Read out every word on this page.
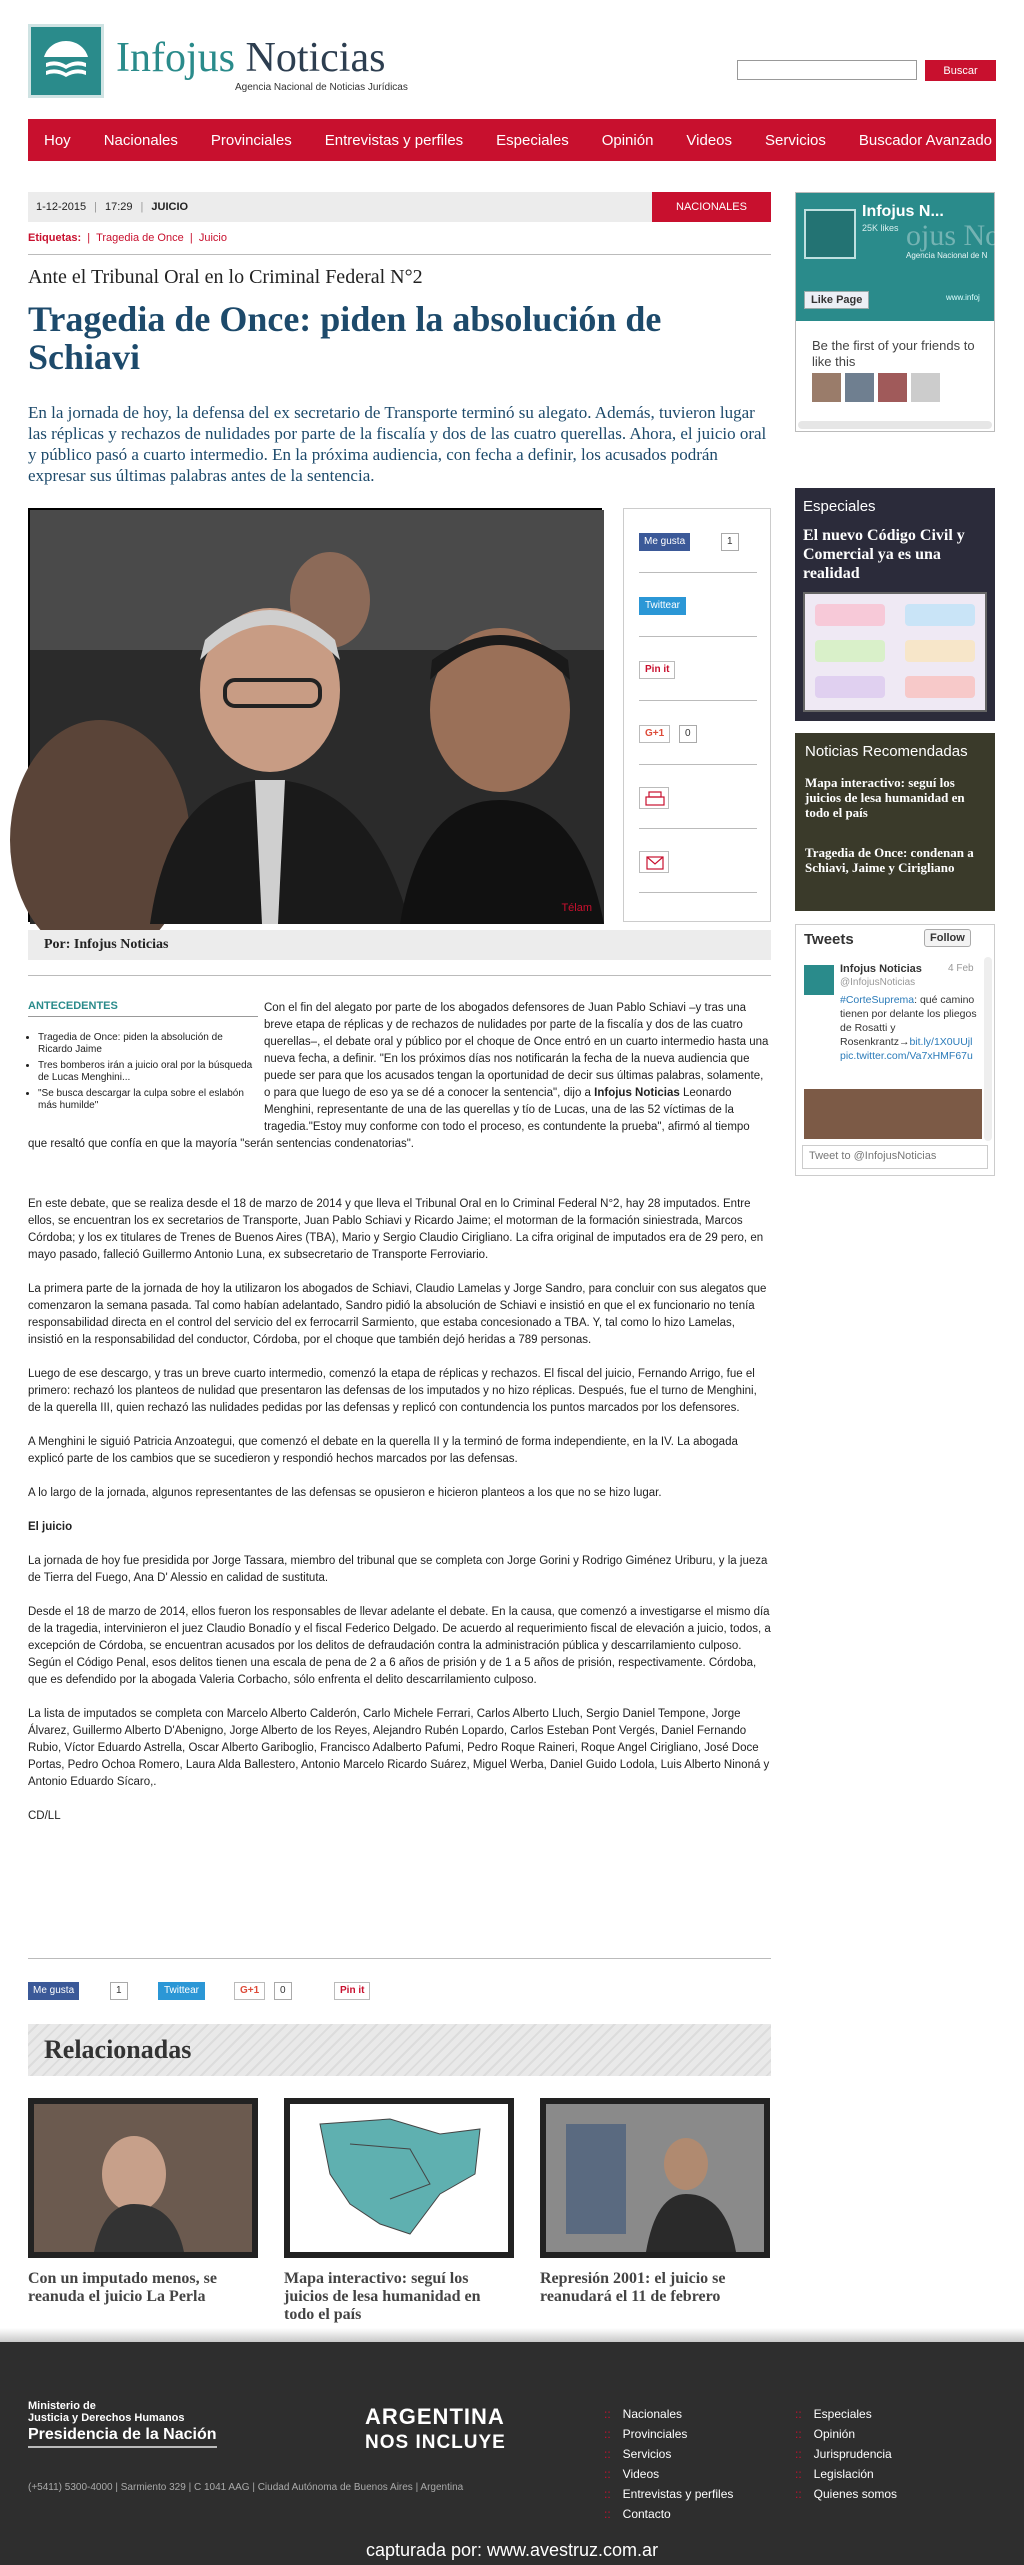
Infojus Noticias
Agencia Nacional de Noticias Jurídicas
Buscar
Hoy Nacionales Provinciales Entrevistas y perfiles Especiales Opinión Videos Servicios Buscador Avanzado
1-12-2015 | 17:29 | JUICIO	NACIONALES
Etiquetas:  |  Tragedia de Once  |  Juicio
Ante el Tribunal Oral en lo Criminal Federal N°2
Tragedia de Once: piden la absolución de Schiavi
En la jornada de hoy, la defensa del ex secretario de Transporte terminó su alegato. Además, tuvieron lugar las réplicas y rechazos de nulidades por parte de la fiscalía y dos de las cuatro querellas. Ahora, el juicio oral y público pasó a cuarto intermedio. En la próxima audiencia, con fecha a definir, los acusados podrán expresar sus últimas palabras antes de la sentencia.
Télam
Me gusta	1
Twittear
Pin it
G+1	0
Por: Infojus Noticias
Con el fin del alegato por parte de los abogados defensores de Juan Pablo Schiavi –y tras una breve etapa de réplicas y de rechazos de nulidades por parte de la fiscalía y dos de las cuatro querellas–, el debate oral y público por el choque de Once entró en un cuarto intermedio hasta una nueva fecha, a definir. "En los próximos días nos notificarán la fecha de la nueva audiencia que puede ser para que los acusados tengan la oportunidad de decir sus últimas palabras, solamente, o para que luego de eso ya se dé a conocer la sentencia", dijo a Infojus Noticias Leonardo Menghini, representante de una de las querellas y tío de Lucas, una de las 52 víctimas de la tragedia."Estoy muy conforme con todo el proceso, es contundente la prueba", afirmó al tiempo que resaltó que confía en que la mayoría "serán sentencias condenatorias".
ANTECEDENTES
• Tragedia de Once: piden la absolución de Ricardo Jaime
• Tres bomberos irán a juicio oral por la búsqueda de Lucas Menghini...
• "Se busca descargar la culpa sobre el eslabón más humilde"

En este debate, que se realiza desde el 18 de marzo de 2014 y que lleva el Tribunal Oral en lo Criminal Federal N°2, hay 28 imputados. Entre ellos, se encuentran los ex secretarios de Transporte, Juan Pablo Schiavi y Ricardo Jaime; el motorman de la formación siniestrada, Marcos Córdoba; y los ex titulares de Trenes de Buenos Aires (TBA), Mario y Sergio Claudio Cirigliano. La cifra original de imputados era de 29 pero, en mayo pasado, falleció Guillermo Antonio Luna, ex subsecretario de Transporte Ferroviario.

La primera parte de la jornada de hoy la utilizaron los abogados de Schiavi, Claudio Lamelas y Jorge Sandro, para concluir con sus alegatos que comenzaron la semana pasada. Tal como habían adelantado, Sandro pidió la absolución de Schiavi e insistió en que el ex funcionario no tenía responsabilidad directa en el control del servicio del ex ferrocarril Sarmiento, que estaba concesionado a TBA. Y, tal como lo hizo Lamelas, insistió en la responsabilidad del conductor, Córdoba, por el choque que también dejó heridas a 789 personas.

Luego de ese descargo, y tras un breve cuarto intermedio, comenzó la etapa de réplicas y rechazos. El fiscal del juicio, Fernando Arrigo, fue el primero: rechazó los planteos de nulidad que presentaron las defensas de los imputados y no hizo réplicas. Después, fue el turno de Menghini, de la querella III, quien rechazó las nulidades pedidas por las defensas y replicó con contundencia los puntos marcados por los defensores.

A Menghini le siguió Patricia Anzoategui, que comenzó el debate en la querella II y la terminó de forma independiente, en la IV. La abogada explicó parte de los cambios que se sucedieron y respondió hechos marcados por las defensas.

A lo largo de la jornada, algunos representantes de las defensas se opusieron e hicieron planteos a los que no se hizo lugar.

El juicio

La jornada de hoy fue presidida por Jorge Tassara, miembro del tribunal que se completa con Jorge Gorini y Rodrigo Giménez Uriburu, y la jueza de Tierra del Fuego, Ana D' Alessio en calidad de sustituta.

Desde el 18 de marzo de 2014, ellos fueron los responsables de llevar adelante el debate. En la causa, que comenzó a investigarse el mismo día de la tragedia, intervinieron el juez Claudio Bonadío y el fiscal Federico Delgado. De acuerdo al requerimiento fiscal de elevación a juicio, todos, a excepción de Córdoba, se encuentran acusados por los delitos de defraudación contra la administración pública y descarrilamiento culposo. Según el Código Penal, esos delitos tienen una escala de pena de 2 a 6 años de prisión y de 1 a 5 años de prisión, respectivamente. Córdoba, que es defendido por la abogada Valeria Corbacho, sólo enfrenta el delito descarrilamiento culposo.

La lista de imputados se completa con Marcelo Alberto Calderón, Carlo Michele Ferrari, Carlos Alberto Lluch, Sergio Daniel Tempone, Jorge Álvarez, Guillermo Alberto D'Abenigno, Jorge Alberto de los Reyes, Alejandro Rubén Lopardo, Carlos Esteban Pont Vergés, Daniel Fernando Rubio, Víctor Eduardo Astrella, Oscar Alberto Gariboglio, Francisco Adalberto Pafumi, Pedro Roque Raineri, Roque Angel Cirigliano, José Doce Portas, Pedro Ochoa Romero, Laura Alda Ballestero, Antonio Marcelo Ricardo Suárez, Miguel Werba, Daniel Guido Lodola, Luis Alberto Ninoná y Antonio Eduardo Sícaro,.

CD/LL

Me gusta	1	Twittear	G+1	0	Pin it
Relacionadas
Con un imputado menos, se reanuda el juicio La Perla
Mapa interactivo: seguí los juicios de lesa humanidad en todo el país
Represión 2001: el juicio se reanudará el 11 de febrero
ojus Not
Agencia Nacional de N
Infojus N...
25K likes
www.infoj
Like Page
Be the first of your friends to like this
Especiales
El nuevo Código Civil y Comercial ya es una realidad
Noticias Recomendadas
Mapa interactivo: seguí los juicios de lesa humanidad en todo el país
Tragedia de Once: condenan a Schiavi, Jaime y Cirigliano
Tweets	Follow
Infojus Noticias
@InfojusNoticias
4 Feb
#CorteSuprema: qué camino tienen por delante los pliegos de Rosatti y Rosenkrantz→bit.ly/1X0UUjl pic.twitter.com/Va7xHMF67u
Tweet to @InfojusNoticias
Ministerio de
Justicia y Derechos Humanos
Presidencia de la Nación
(+5411) 5300-4000 | Sarmiento 329 | C 1041 AAG | Ciudad Autónoma de Buenos Aires | Argentina
ARGENTINA
NOS INCLUYE
:: Nacionales
:: Provinciales
:: Servicios
:: Videos
:: Entrevistas y perfiles
:: Contacto
:: Especiales
:: Opinión
:: Jurisprudencia
:: Legislación
:: Quienes somos
capturada por: www.avestruz.com.ar
